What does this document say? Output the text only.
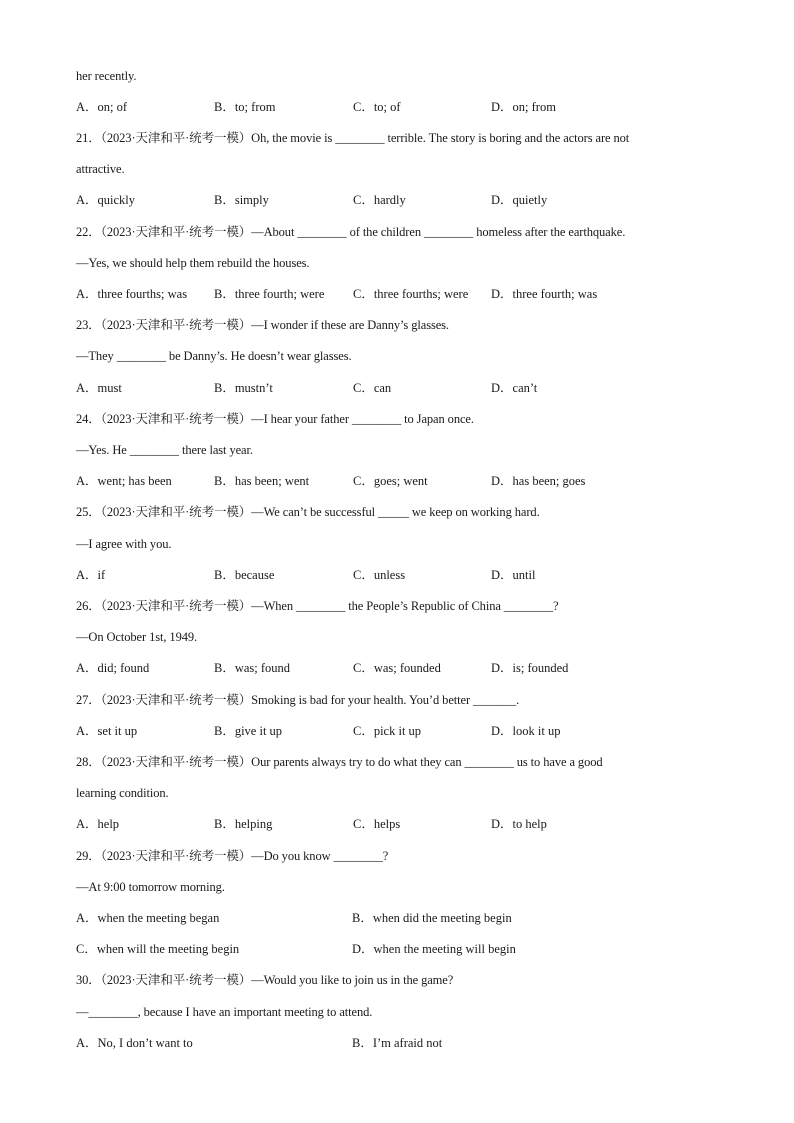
her recently.
A．on; of	B．to; from	C．to; of	D．on; from
21．（2023·天津和平·统考一模）Oh, the movie is ________ terrible. The story is boring and the actors are not
attractive.
A．quickly	B．simply	C．hardly	D．quietly
22．（2023·天津和平·统考一模）—About ________ of the children ________ homeless after the earthquake.
—Yes, we should help them rebuild the houses.
A．three fourths; was B．three fourth; were C．three fourths; were D．three fourth; was
23．（2023·天津和平·统考一模）—I wonder if these are Danny’s glasses.
—They ________ be Danny’s. He doesn’t wear glasses.
A．must	B．mustn’t	C．can	D．can’t
24．（2023·天津和平·统考一模）—I hear your father ________ to Japan once.
—Yes. He ________ there last year.
A．went; has been	B．has been; went	C．goes; went	D．has been; goes
25．（2023·天津和平·统考一模）—We can’t be successful _____ we keep on working hard.
—I agree with you.
A．if	B．because	C．unless	D．until
26．（2023·天津和平·统考一模）—When ________ the People’s Republic of China ________?
—On October 1st, 1949.
A．did; found	B．was; found	C．was; founded	D．is; founded
27．（2023·天津和平·统考一模）Smoking is bad for your health. You’d better _______.
A．set it up	B．give it up	C．pick it up	D．look it up
28．（2023·天津和平·统考一模）Our parents always try to do what they can ________ us to have a good
learning condition.
A．help	B．helping	C．helps	D．to help
29．（2023·天津和平·统考一模）—Do you know ________?
—At 9:00 tomorrow morning.
A．when the meeting began	B．when did the meeting begin
C．when will the meeting begin	D．when the meeting will begin
30．（2023·天津和平·统考一模）—Would you like to join us in the game?
—________, because I have an important meeting to attend.
A．No, I don’t want to	B．I’m afraid not
